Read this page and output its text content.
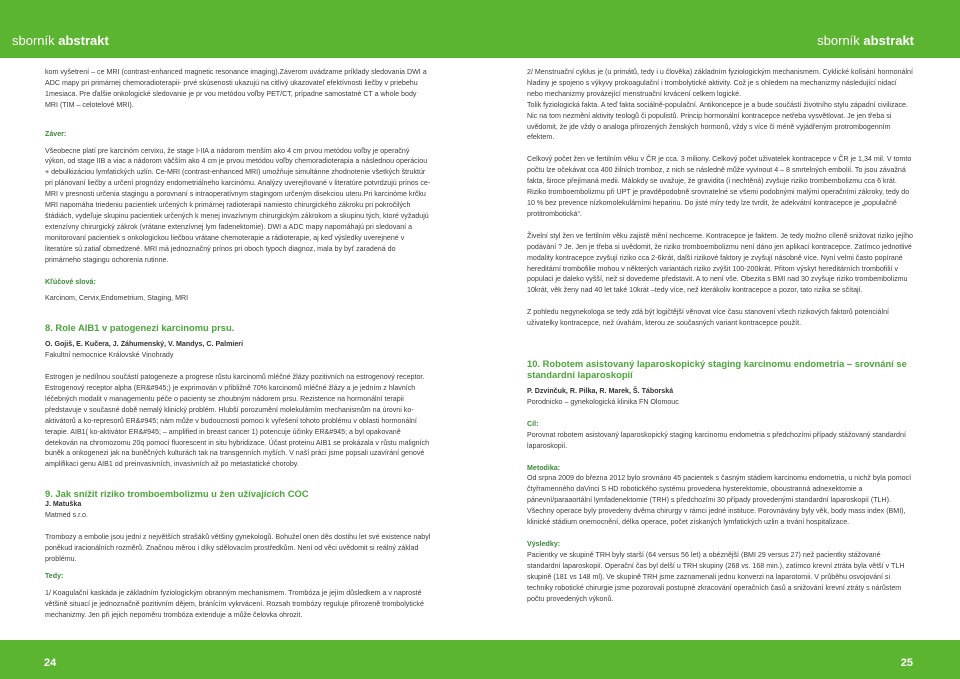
sborník abstrakt	sborník abstrakt

kom vyšetrení – ce MRI (contrast-enhanced magnetic resonance imaging).Záverom uvádzame príklady sledovania DWI a ADC mapy pri primárnej chemoradioterapii- prvé skúsenosti ukazujú na citlivý ukazovateľ efektívnosti liečby v priebehu 1mesiaca. Pre ďalšie onkologické sledovanie je pr vou metódou voľby PET/CT, prípadne samostatné CT a whole body MRI (TIM – celotelové MRI).

Záver:

Všeobecne platí pre karcinóm cervixu, že stage I-IIA a nádorom menším ako 4 cm prvou metódou voľby je operačný výkon, od stage IIB a viac a nádorom väčším ako 4 cm je prvou metódou voľby chemoradioterapia a následnou operáciou + debulkizáciou lymfatických uzlín. Ce-MRI (contrast-enhanced MRI) umožňuje simultánne zhodnotenie všetkých štruktúr pri plánovaní liečby a určení prognózy endometriálneho karcinómu. Analýzy uverejňované v literatúre potvrdzujú prínos ce-MRI v presnosti určenia stagingu a porovnaní s intraoperatívnym stagingom určeným disekciou uteru.Pri karcinóme krčku MRI napomáha triedeniu pacientiek určených k primárnej radioterapii namiesto chirurgického zákroku pri pokročilých štádiách, vydeľuje skupinu pacientiek určených k menej invazívnym chirurgickým zákrokom a skupinu tých, ktoré vyžadujú extenzívny chirurgický zákrok (vrátane extenzívnej lym fadenektomie). DWI a ADC mapy napomáhajú pri sledovaní a monitorovaní pacientiek s onkologickou liečbou vrátane chemoterapie a rádioterapie, aj keď výsledky uverejnené v literatúre sú zatiaľ obmedzené. MRI má jednoznačný prínos pri oboch typoch diagnoz, mala by byť zaradená do primárneho stagingu ochorenia rutinne.

Kľúčové slová:

Karcinom, Cervix,Endometrium, Staging, MRI

8. Role AIB1 v patogenezi karcinomu prsu.

O. Gojiš, E. Kučera, J. Záhumenský, V. Mandys, C. Palmieri

Fakultní nemocnice Královské Vinohrady

Estrogen je nedílnou součástí patogeneze a progrese růstu karcinomů mléčné žlázy pozitivních na estrogenový receptor. Estrogenový receptor alpha (ER&#945;) je exprimován v přibližně 70% karcinomů mléčné žlázy a je jedním z hlavních léčebných modalit v managementu péče o pacienty se zhoubným nádorem prsu. Rezistence na hormonální terapii představuje v současné době nemalý klinický problém. Hlubší porozumění molekulárním mechanismům na úrovni ko-aktivátorů a ko-represorů ER&#945; nám může v budoucnosti pomoci k vyřešení tohoto problému v oblasti hormonální terapie. AIB1( ko-aktivátor ER&#945; – amplified in breast cancer 1) potencuje účinky ER&#945; a byl opakovaně detekován na chromozomu 20q pomocí fluorescent in situ hybridizace. Účast proteinu AIB1 se prokázala v růstu maligních buněk a onkogenezi jak na buněčných kulturách tak na transgenních myších. V naší práci jsme popsali uzavírání genové amplifikaci genu AIB1 od preinvasivních, invasivních až po metastatické choroby.

9. Jak snížit riziko tromboembolizmu u žen užívajících COC

J. Matuška

Matmed s.r.o.

Trombozy a embolie jsou jedni z největších strašáků většiny gynekologů. Bohužel onen děs dostihu let své existence nabyl poněkud iracionálních rozměrů. Značnou měrou i díky sdělovacím prostředkům. Není od věci uvědomit si reálný základ problému.

Tedy:

1/ Koagulační kaskáda je základním fyziologickým obranným mechanismem. Trombóza je jejím důsledkem a v naprosté většině situací je jednoznačně pozitivním dějem, bránícím vykrvácení. Rozsah trombózy reguluje přirozeně trombolytické mechanizmy. Jen při jejich nepoměru trombóza extenduje a může čelovka ohrozit.

2/ Menstruační cyklus je (u primátů, tedy i u člověka) základním fyziologickým mechanismem. Cyklické kolísání hormonální hladiny je spojeno s výkyvy prokoagulační i trombolytické aktivity. Což je s ohledem na mechanizmy následující nidací nebo mechanizmy provázející menstruační krvácení celkem logické.

Tolik fyziologická fakta. A teď fakta sociálně-populační. Antikoncepce je a bude součástí životního stylu západní civilizace. Nic na tom nezmění aktivity teologů či populistů. Princip hormonální kontracepce netřeba vysvětlovat. Je jen třeba si uvědomit, že jde vždy o analoga přirozených ženských hormonů, vždy s více či méně vyjádřeným protrombogenním efektem.

Celkový počet žen ve fertilním věku v ČR je cca. 3 miliony. Celkový počet uživatelek kontracepce v ČR je 1,34 mil. V tomto počtu lze očekávat cca 400 žilních tromboz, z nich se následně může vyvinout 4 – 8 smrtelných embolií. To jsou závažná fakta, široce přejímaná medii. Málokdy se uvažuje, že gravidita (i nechtěná) zvyšuje riziko trombembolizmu cca 6 krát. Riziko tromboembolizmu při UPT je pravděpodobně srovnatelné se všemi podobnými malými operačními zákroky, tedy do 10 % bez prevence nízkomolekulárními heparinu. Do jisté míry tedy lze tvrdit, že adekvátní kontracepce je „populačně protitrombotická“.

Živelní styl žen ve fertilním věku zajistě mění nechceme. Kontracepce je faktem. Je tedy možno cíleně snižovat riziko jejího podávání ? Je. Jen je třeba si uvědomit, že riziko tromboembolizmu není dáno jen aplikací kontracepce. Zatímco jednotlivé modality kontracepce zvyšují riziko cca 2-6krát, další rizikové faktory je zvyšují násobně více. Nyní velmi často popírané hereditární trombofilie mohou v některých variantách riziko zvýšit 100-200krát. Přitom výskyt hereditárních trombofilií v populaci je daleko vyšší, než si dovedeme představit. A to není vše. Obezita s BMI nad 30 zvyšuje riziko trombembolizmu 10krát, věk ženy nad 40 let také 10krát –tedy více, než kterákoliv kontracepce a pozor, tato rizika se sčítají.

Z pohledu negynekologa se tedy zdá být logičtější věnovat více času stanovení všech rizikových faktorů potenciální uživatelky kontracepce, než úvahám, kterou ze současných variant kontracepce použít.

10. Robotem asistovaný laparoskopický staging karcinomu endometria – srovnání se standardní laparoskopií

P. Dzvinčuk, R. Pilka, R. Marek, Š. Táborská

Porodnicko – gynekologická klinika FN Olomouc

Cíl:

Porovnat robotem asistovaný laparoskopický staging karcinomu endometria s předchozími případy stážovaný standardní laparoskopií.

Metodika:

Od srpna 2009 do března 2012 bylo srovnáno 45 pacientek s časným stádiem karcinomu endometria, u nichž byla pomocí čtyřramenného daVinci S HD robotického systému provedena hysterektomie, oboustranná adnexektomie a pánevní/paraaortální lymfadenektomie (TRH) s předchozími 30 případy provedenými standardní laparoskopií (TLH). Všechny operace byly provedeny dvěma chirurgy v rámci jedné instituce. Porovnávány byly věk, body mass index (BMI), klinické stádium onemocnění, délka operace, počet získaných lymfatických uzlin a trvání hospitalizace.

Výsledky:

Pacientky ve skupině TRH byly starší (64 versus 56 let) a obéznější (BMI 29 versus 27) než pacientky stážované standardní laparoskopií. Operační čas byl delší u TRH skupiny (268 vs. 168 min.), zatímco krevní ztráta byla větší v TLH skupině (181 vs 148 ml). Ve skupině TRH jsme zaznamenali jednu konverzi na laparotomii. V průběhu osvojování si techniky robotické chirurgie jsme pozorovali postupné zkracování operačních časů a snižování krevní ztráty s nárůstem počtu provedených výkonů.

24	25
